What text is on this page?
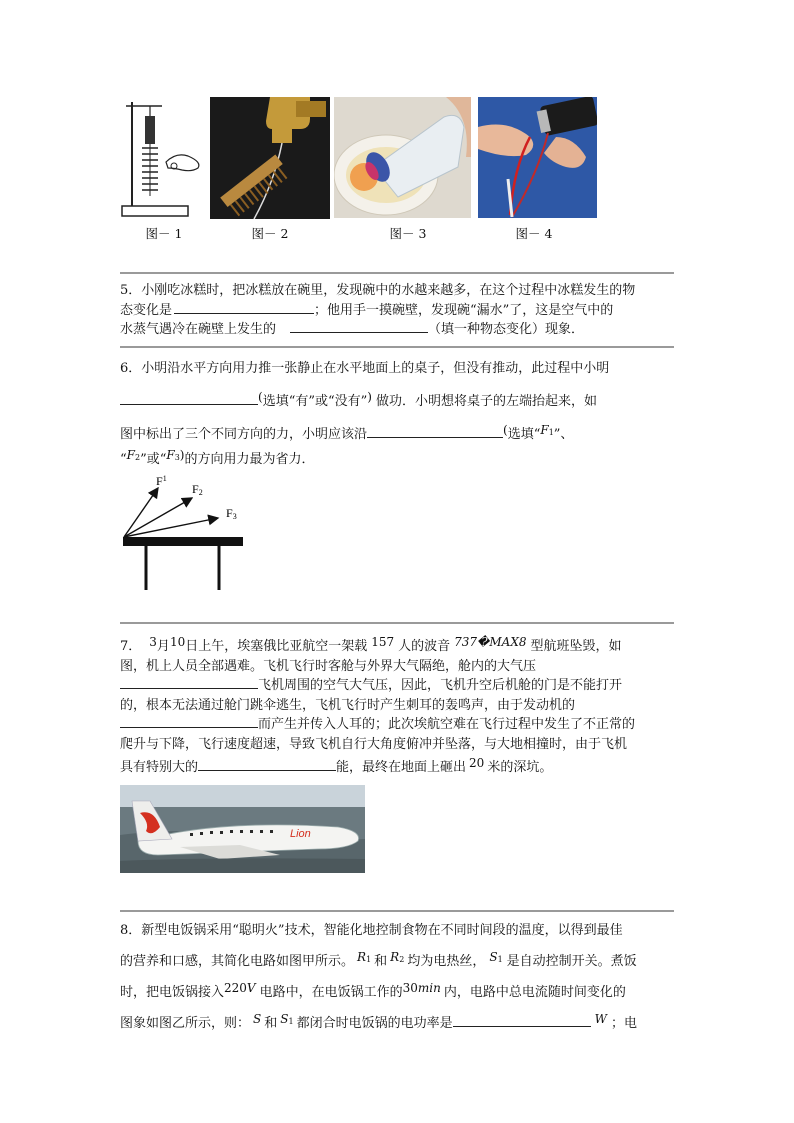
图－ 1	图－ 2	图－ 3	图－ 4
5．小刚吃冰糕时，把冰糕放在碗里，发现碗中的水越来越多，在这个过程中冰糕发生的物
态变化是	；他用手一摸碗壁，发现碗“漏水”了，这是空气中的
水蒸气遇冷在碗壁上发生的	（填一种物态变化）现象．
6．小明沿水平方向用力推一张静止在水平地面上的桌子，但没有推动，此过程中小明
(选填“有”或“没有”) 做功．小明想将桌子的左端抬起来，如
图中标出了三个不同方向的力，小明应该沿	(选填“F1”、
“F2”或“F3)的方向用力最为省力．
$F^1$
F2
F3
7． 3月10日上午，埃塞俄比亚航空一架载 157 人的波音 737�MAX8 型航班坠毁，如
图，机上人员全部遇难。飞机飞行时客舱与外界大气隔绝，舱内的大气压
飞机周围的空气大气压，因此，飞机升空后机舱的门是不能打开
的，根本无法通过舱门跳伞逃生，飞机飞行时产生刺耳的轰鸣声，由于发动机的
而产生并传入人耳的；此次埃航空难在飞行过程中发生了不正常的
爬升与下降，飞行速度超速，导致飞机自行大角度俯冲并坠落，与大地相撞时，由于飞机
具有特别大的	能，最终在地面上砸出 20 米的深坑。
Lion
8．新型电饭锅采用“聪明火”技术，智能化地控制食物在不同时间段的温度，以得到最佳
的营养和口感，其简化电路如图甲所示。 R1 和 R2 均为电热丝， S1 是自动控制开关。煮饭
时，把电饭锅接入220V 电路中，在电饭锅工作的30min 内，电路中总电流随时间变化的
图象如图乙所示，则： S 和 S1 都闭合时电饭锅的电功率是	W ；电
